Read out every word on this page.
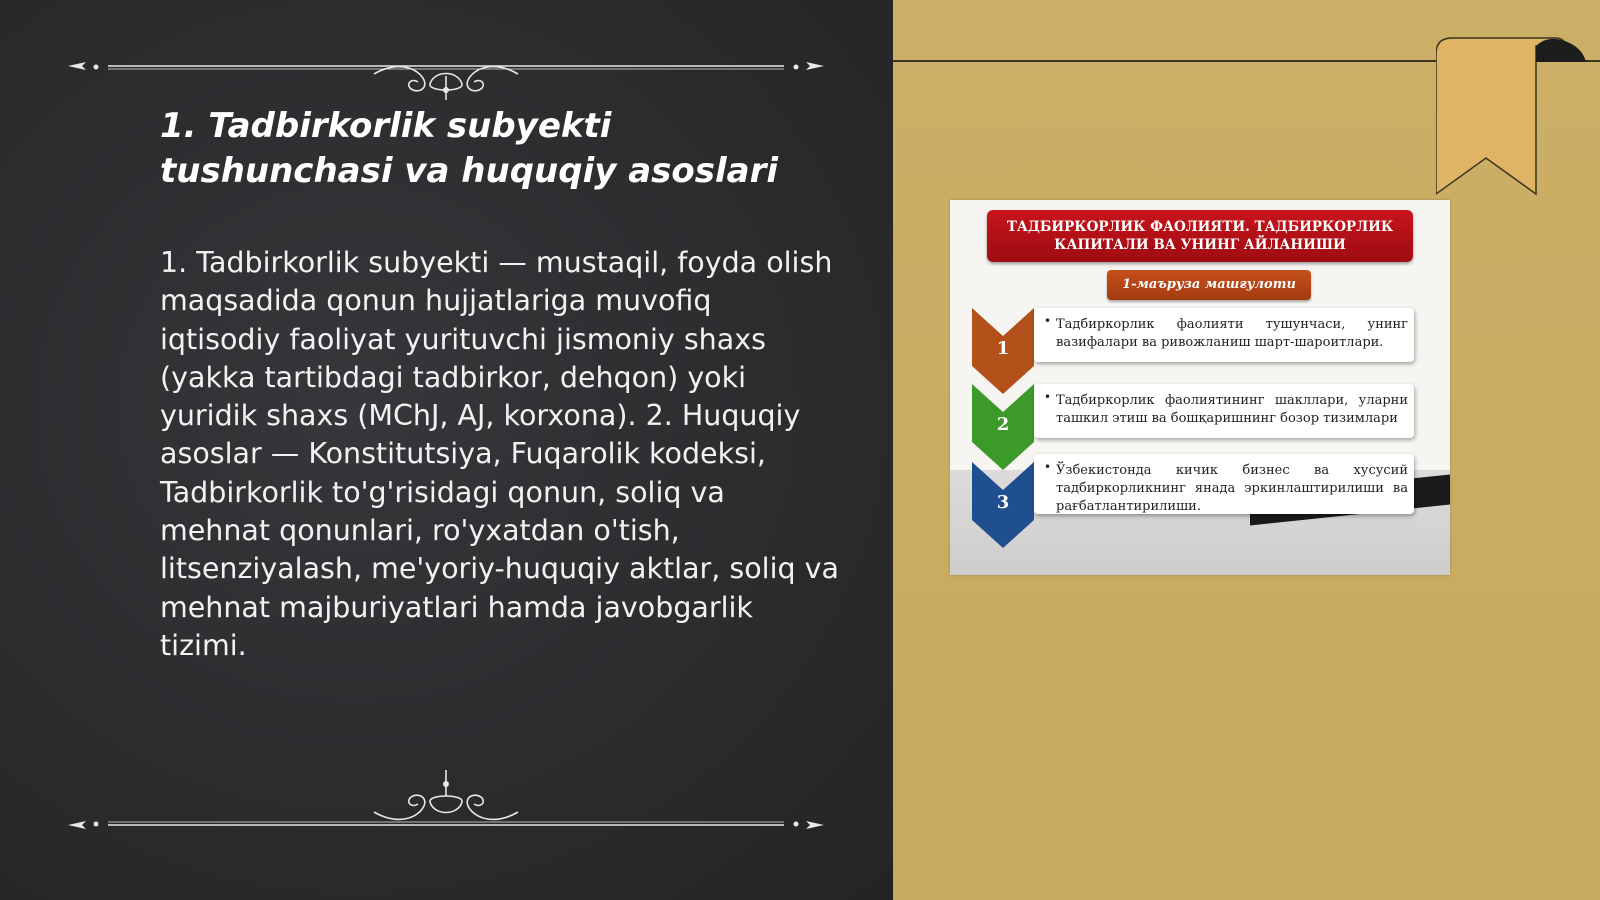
1. Tadbirkorlik subyekti tushunchasi va huquqiy asoslari

1. Tadbirkorlik subyekti — mustaqil, foyda olish maqsadida qonun hujjatlariga muvofiq iqtisodiy faoliyat yurituvchi jismoniy shaxs (yakka tartibdagi tadbirkor, dehqon) yoki yuridik shaxs (MChJ, AJ, korxona). 2. Huquqiy asoslar — Konstitutsiya, Fuqarolik kodeksi, Tadbirkorlik to'g'risidagi qonun, soliq va mehnat qonunlari, ro'yxatdan o'tish, litsenziyalash, me'yoriy-huquqiy aktlar, soliq va mehnat majburiyatlari hamda javobgarlik tizimi.

ТАДБИРКОРЛИК ФАОЛИЯТИ. ТАДБИРКОРЛИК КАПИТАЛИ ВА УНИНГ АЙЛАНИШИ
1-маъруза машғулоти
1
• Тадбиркорлик фаолияти тушунчаси, унинг вазифалари ва ривожланиш шарт-шароитлари.
2
• Тадбиркорлик фаолиятининг шакллари, уларни ташкил этиш ва бошқаришнинг бозор тизимлари
3
• Ўзбекистонда кичик бизнес ва хусусий тадбиркорликнинг янада эркинлаштирилиши ва рағбатлантирилиши.
